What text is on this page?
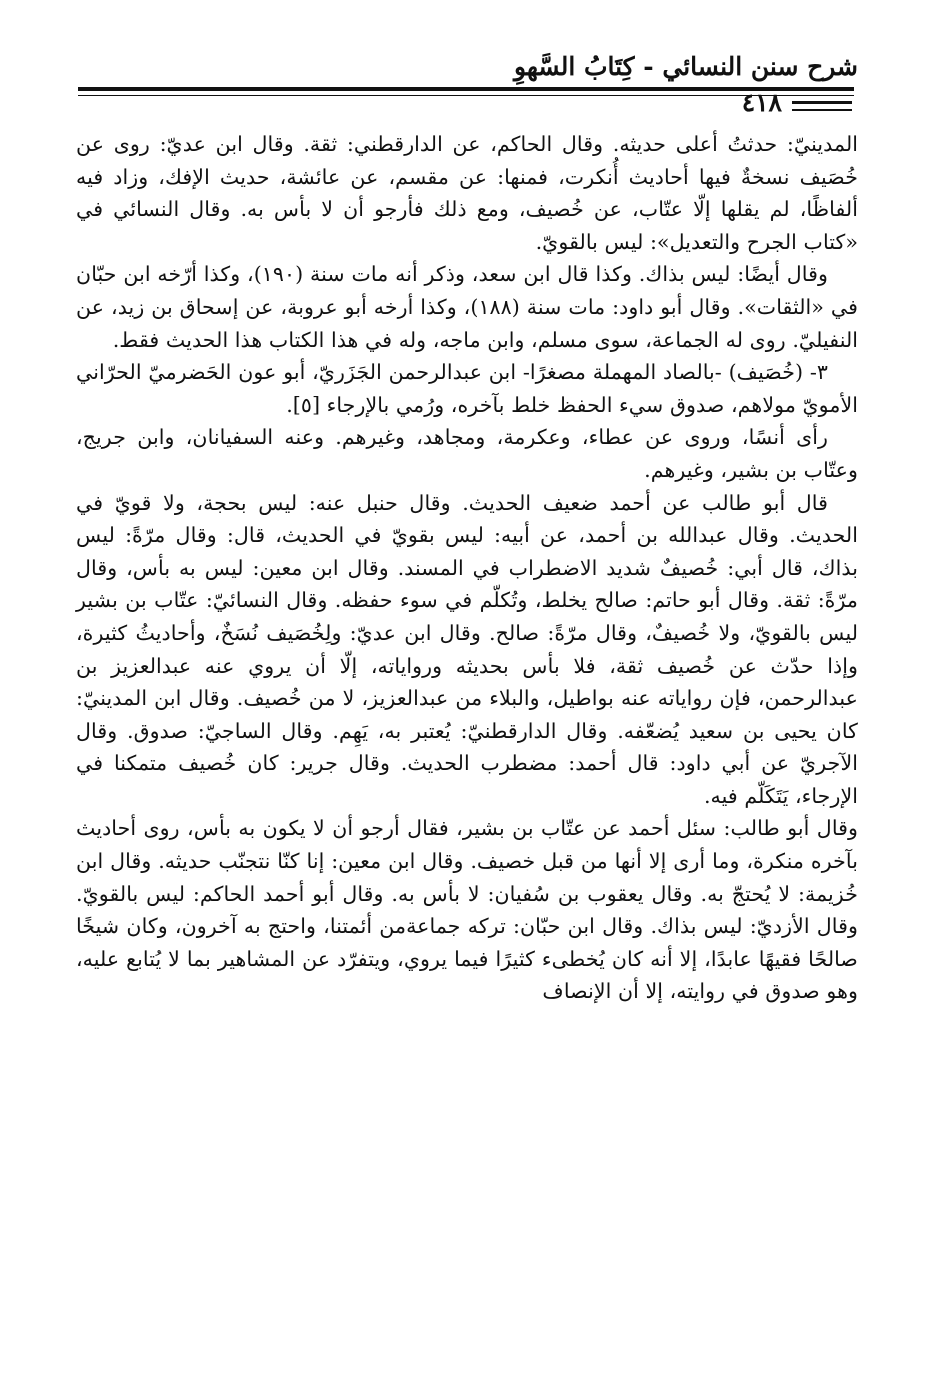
شرح سنن النسائي - كِتَابُ السَّهوِ
٤١٨

المدينيّ: حدثتُ أعلى حديثه. وقال الحاكم، عن الدارقطني: ثقة. وقال ابن عديّ: روى عن خُصَيف نسخةٌ فيها أحاديث أُنكرت، فمنها: عن مقسم، عن عائشة، حديث الإفك، وزاد فيه ألفاظًا، لم يقلها إلّا عتّاب، عن خُصيف، ومع ذلك فأرجو أن لا بأس به. وقال النسائي في «كتاب الجرح والتعديل»: ليس بالقويّ.

وقال أيضًا: ليس بذاك. وكذا قال ابن سعد، وذكر أنه مات سنة (١٩٠)، وكذا أرّخه ابن حبّان في «الثقات». وقال أبو داود: مات سنة (١٨٨)، وكذا أرخه أبو عروبة، عن إسحاق بن زيد، عن النفيليّ. روى له الجماعة، سوى مسلم، وابن ماجه، وله في هذا الكتاب هذا الحديث فقط.

٣- (خُصَيف) -بالصاد المهملة مصغرًا- ابن عبدالرحمن الجَزَريّ، أبو عون الحَضرميّ الحرّاني الأمويّ مولاهم، صدوق سيء الحفظ خلط بآخره، ورُمي بالإرجاء [٥].

رأى أنسًا، وروى عن عطاء، وعكرمة، ومجاهد، وغيرهم. وعنه السفيانان، وابن جريج، وعتّاب بن بشير، وغيرهم.

قال أبو طالب عن أحمد ضعيف الحديث. وقال حنبل عنه: ليس بحجة، ولا قويّ في الحديث. وقال عبدالله بن أحمد، عن أبيه: ليس بقويّ في الحديث، قال: وقال مرّةً: ليس بذاك، قال أبي: خُصيفٌ شديد الاضطراب في المسند. وقال ابن معين: ليس به بأس، وقال مرّةً: ثقة. وقال أبو حاتم: صالح يخلط، وتُكلّم في سوء حفظه. وقال النسائيّ: عتّاب بن بشير ليس بالقويّ، ولا خُصيفٌ، وقال مرّةً: صالح. وقال ابن عديّ: ولِخُصَيف نُسَخٌ، وأحاديثُ كثيرة، وإذا حدّث عن خُصيف ثقة، فلا بأس بحديثه ورواياته، إلّا أن يروي عنه عبدالعزيز بن عبدالرحمن، فإن رواياته عنه بواطيل، والبلاء من عبدالعزيز، لا من خُصيف. وقال ابن المدينيّ: كان يحيى بن سعيد يُضعّفه. وقال الدارقطنيّ: يُعتبر به، يَهِم. وقال الساجيّ: صدوق. وقال الآجريّ عن أبي داود: قال أحمد: مضطرب الحديث. وقال جرير: كان خُصيف متمكنا في الإرجاء، يَتَكَلّم فيه.

وقال أبو طالب: سئل أحمد عن عتّاب بن بشير، فقال أرجو أن لا يكون به بأس، روى أحاديث بآخره منكرة، وما أرى إلا أنها من قبل خصيف. وقال ابن معين: إنا كنّا نتجنّب حديثه. وقال ابن خُزيمة: لا يُحتجّ به. وقال يعقوب بن سُفيان: لا بأس به. وقال أبو أحمد الحاكم: ليس بالقويّ. وقال الأزديّ: ليس بذاك. وقال ابن حبّان: تركه جماعةمن أئمتنا، واحتج به آخرون، وكان شيخًا صالحًا فقيهًا عابدًا، إلا أنه كان يُخطىء كثيرًا فيما يروي، ويتفرّد عن المشاهير بما لا يُتابع عليه، وهو صدوق في روايته، إلا أن الإنصاف
